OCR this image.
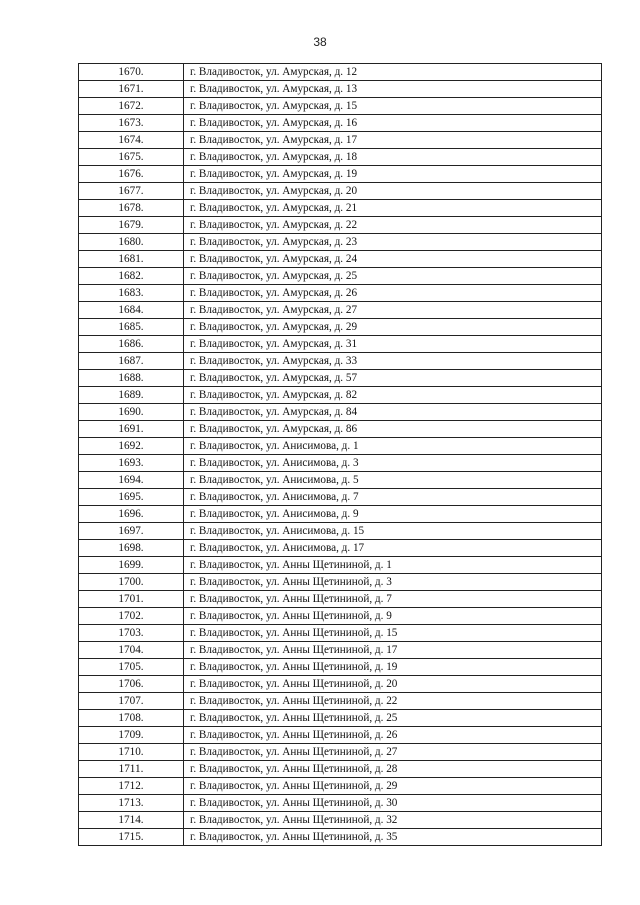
38
1670.	г. Владивосток, ул. Амурская, д. 12
1671.	г. Владивосток, ул. Амурская, д. 13
1672.	г. Владивосток, ул. Амурская, д. 15
1673.	г. Владивосток, ул. Амурская, д. 16
1674.	г. Владивосток, ул. Амурская, д. 17
1675.	г. Владивосток, ул. Амурская, д. 18
1676.	г. Владивосток, ул. Амурская, д. 19
1677.	г. Владивосток, ул. Амурская, д. 20
1678.	г. Владивосток, ул. Амурская, д. 21
1679.	г. Владивосток, ул. Амурская, д. 22
1680.	г. Владивосток, ул. Амурская, д. 23
1681.	г. Владивосток, ул. Амурская, д. 24
1682.	г. Владивосток, ул. Амурская, д. 25
1683.	г. Владивосток, ул. Амурская, д. 26
1684.	г. Владивосток, ул. Амурская, д. 27
1685.	г. Владивосток, ул. Амурская, д. 29
1686.	г. Владивосток, ул. Амурская, д. 31
1687.	г. Владивосток, ул. Амурская, д. 33
1688.	г. Владивосток, ул. Амурская, д. 57
1689.	г. Владивосток, ул. Амурская, д. 82
1690.	г. Владивосток, ул. Амурская, д. 84
1691.	г. Владивосток, ул. Амурская, д. 86
1692.	г. Владивосток, ул. Анисимова, д. 1
1693.	г. Владивосток, ул. Анисимова, д. 3
1694.	г. Владивосток, ул. Анисимова, д. 5
1695.	г. Владивосток, ул. Анисимова, д. 7
1696.	г. Владивосток, ул. Анисимова, д. 9
1697.	г. Владивосток, ул. Анисимова, д. 15
1698.	г. Владивосток, ул. Анисимова, д. 17
1699.	г. Владивосток, ул. Анны Щетининой, д. 1
1700.	г. Владивосток, ул. Анны Щетининой, д. 3
1701.	г. Владивосток, ул. Анны Щетининой, д. 7
1702.	г. Владивосток, ул. Анны Щетининой, д. 9
1703.	г. Владивосток, ул. Анны Щетининой, д. 15
1704.	г. Владивосток, ул. Анны Щетининой, д. 17
1705.	г. Владивосток, ул. Анны Щетининой, д. 19
1706.	г. Владивосток, ул. Анны Щетининой, д. 20
1707.	г. Владивосток, ул. Анны Щетининой, д. 22
1708.	г. Владивосток, ул. Анны Щетининой, д. 25
1709.	г. Владивосток, ул. Анны Щетининой, д. 26
1710.	г. Владивосток, ул. Анны Щетининой, д. 27
1711.	г. Владивосток, ул. Анны Щетининой, д. 28
1712.	г. Владивосток, ул. Анны Щетининой, д. 29
1713.	г. Владивосток, ул. Анны Щетининой, д. 30
1714.	г. Владивосток, ул. Анны Щетининой, д. 32
1715.	г. Владивосток, ул. Анны Щетининой, д. 35
